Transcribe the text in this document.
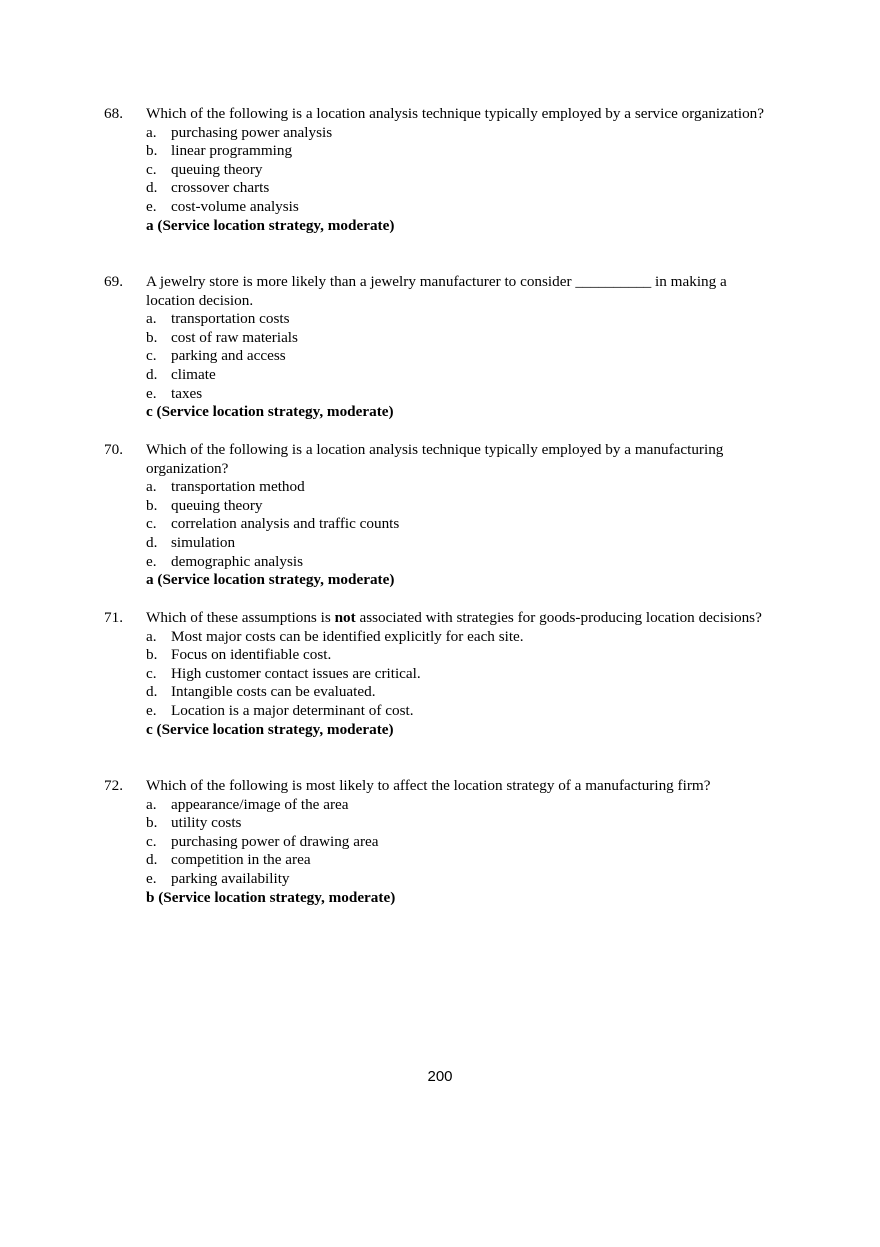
68. Which of the following is a location analysis technique typically employed by a service organization?
a. purchasing power analysis
b. linear programming
c. queuing theory
d. crossover charts
e. cost-volume analysis
a (Service location strategy, moderate)
69. A jewelry store is more likely than a jewelry manufacturer to consider __________ in making a location decision.
a. transportation costs
b. cost of raw materials
c. parking and access
d. climate
e. taxes
c (Service location strategy, moderate)
70. Which of the following is a location analysis technique typically employed by a manufacturing organization?
a. transportation method
b. queuing theory
c. correlation analysis and traffic counts
d. simulation
e. demographic analysis
a (Service location strategy, moderate)
71. Which of these assumptions is not associated with strategies for goods-producing location decisions?
a. Most major costs can be identified explicitly for each site.
b. Focus on identifiable cost.
c. High customer contact issues are critical.
d. Intangible costs can be evaluated.
e. Location is a major determinant of cost.
c (Service location strategy, moderate)
72. Which of the following is most likely to affect the location strategy of a manufacturing firm?
a. appearance/image of the area
b. utility costs
c. purchasing power of drawing area
d. competition in the area
e. parking availability
b (Service location strategy, moderate)
200
